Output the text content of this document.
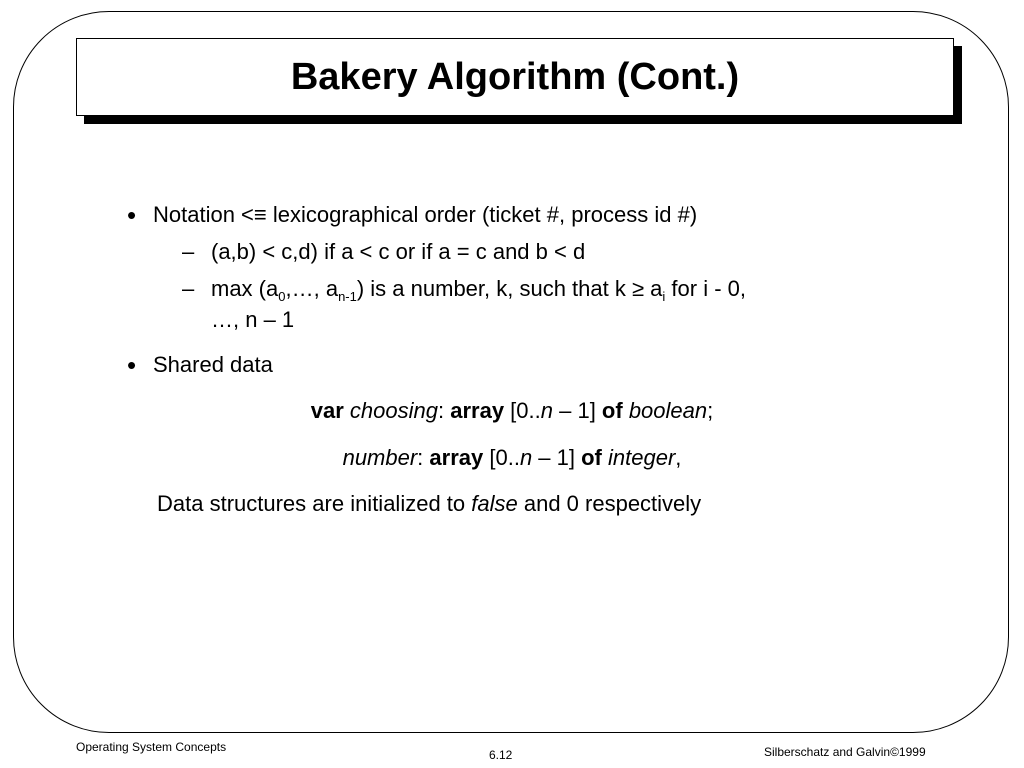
Bakery Algorithm (Cont.)
• Notation <≡ lexicographical order (ticket #, process id #)
– (a,b) < c,d) if a < c or if a = c and b < d
– $\max (a_0,\dots$, $a_{n-1}$) is a number, k, such that $k \ge a_i$ for i - 0,
…, n – 1
• Shared data
var choosing: array [0..n – 1] of boolean;
number: array [0..n – 1] of integer,
Data structures are initialized to false and 0 respectively
Operating System Concepts
6.12	Silberschatz and Galvin©1999
